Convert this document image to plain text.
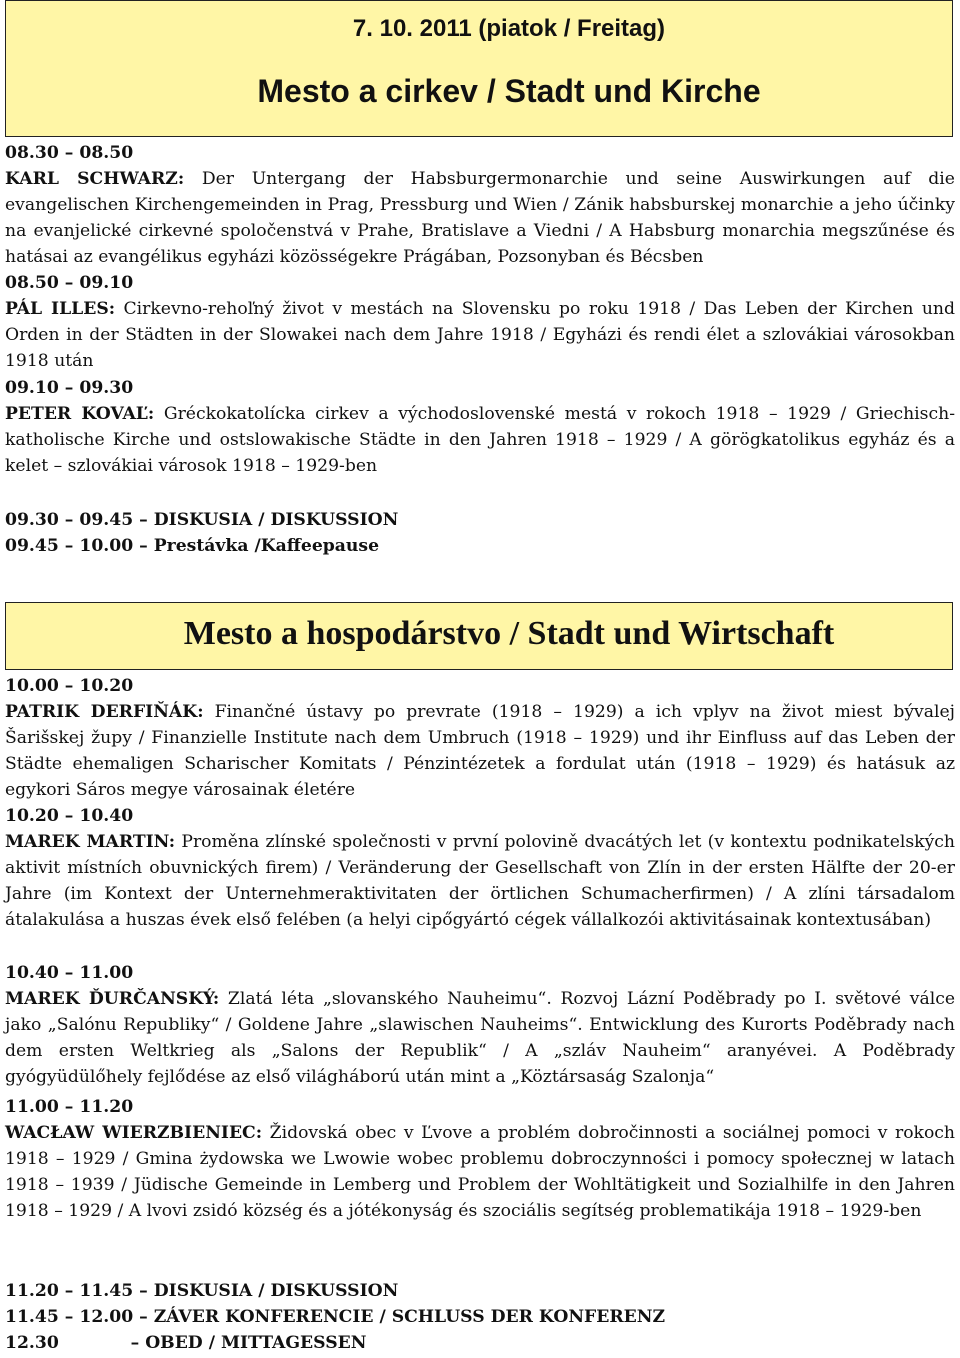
7. 10. 2011 (piatok / Freitag)
Mesto a cirkev / Stadt und Kirche
08.30 – 08.50
KARL SCHWARZ: Der Untergang der Habsburgermonarchie und seine Auswirkungen auf die evangelischen Kirchengemeinden in Prag, Pressburg und Wien / Zánik habsburskej monarchie a jeho účinky na evanjelické cirkevné spoločenstvá v Prahe, Bratislave a Viedni / A Habsburg monarchia megszűnése és hatásai az evangélikus egyházi közösségekre Prágában, Pozsonyban és Bécsben
08.50 – 09.10
PÁL ILLES: Cirkevno-rehoľný život v mestách na Slovensku po roku 1918 / Das Leben der Kirchen und Orden in der Städten in der Slowakei nach dem Jahre 1918 / Egyházi és rendi élet a szlovákiai városokban 1918 után
09.10 – 09.30
PETER KOVAĽ: Gréckokatolícka cirkev a východoslovenské mestá v rokoch 1918 – 1929 / Griechisch-katholische Kirche und ostslowakische Städte in den Jahren 1918 – 1929 / A görögkatolikus egyház és a kelet – szlovákiai városok 1918 – 1929-ben
09.30 – 09.45 – DISKUSIA / DISKUSSION
09.45 – 10.00 – Prestávka /Kaffeepause
Mesto a hospodárstvo / Stadt und Wirtschaft
10.00 – 10.20
PATRIK DERFIŇÁK: Finančné ústavy po prevrate (1918 – 1929) a ich vplyv na život miest bývalej Šarišskej župy / Finanzielle Institute nach dem Umbruch (1918 – 1929) und ihr Einfluss auf das Leben der Städte ehemaligen Scharischer Komitats / Pénzintézetek a fordulat után (1918 – 1929) és hatásuk az egykori Sáros megye városainak életére
10.20 – 10.40
MAREK MARTIN: Proměna zlínské společnosti v první polovině dvacátých let (v kontextu podnikatelských aktivit místních obuvnických firem) / Veränderung der Gesellschaft von Zlín in der ersten Hälfte der 20-er Jahre (im Kontext der Unternehmeraktivitaten der örtlichen Schumacherfirmen) / A zlíni társadalom átalakulása a huszas évek első felében (a helyi cipőgyártó cégek vállalkozói aktivitásainak kontextusában)
10.40 – 11.00
MAREK ĎURČANSKÝ: Zlatá léta „slovanského Nauheimu“. Rozvoj Lázní Poděbrady po I. světové válce jako „Salónu Republiky“ / Goldene Jahre „slawischen Nauheims“. Entwicklung des Kurorts Poděbrady nach dem ersten Weltkrieg als „Salons der Republik“ / A „szláv Nauheim“ aranyévei. A Poděbrady gyógyüdülőhely fejlődése az első világháború után mint a „Köztársaság Szalonja“
11.00 – 11.20
WACŁAW WIERZBIENIEC: Židovská obec v Ľvove a problém dobročinnosti a sociálnej pomoci v rokoch 1918 – 1929 / Gmina żydowska we Lwowie wobec problemu dobroczynności i pomocy społecznej w latach 1918 – 1939 / Jüdische Gemeinde in Lemberg und Problem der Wohltätigkeit und Sozialhilfe in den Jahren 1918 – 1929 / A lvovi zsidó község és a jótékonyság és szociális segítség problematikája 1918 – 1929-ben
11.20 – 11.45 – DISKUSIA / DISKUSSION
11.45 – 12.00 – ZÁVER KONFERENCIE / SCHLUSS DER KONFERENZ
12.30            – OBED / MITTAGESSEN
